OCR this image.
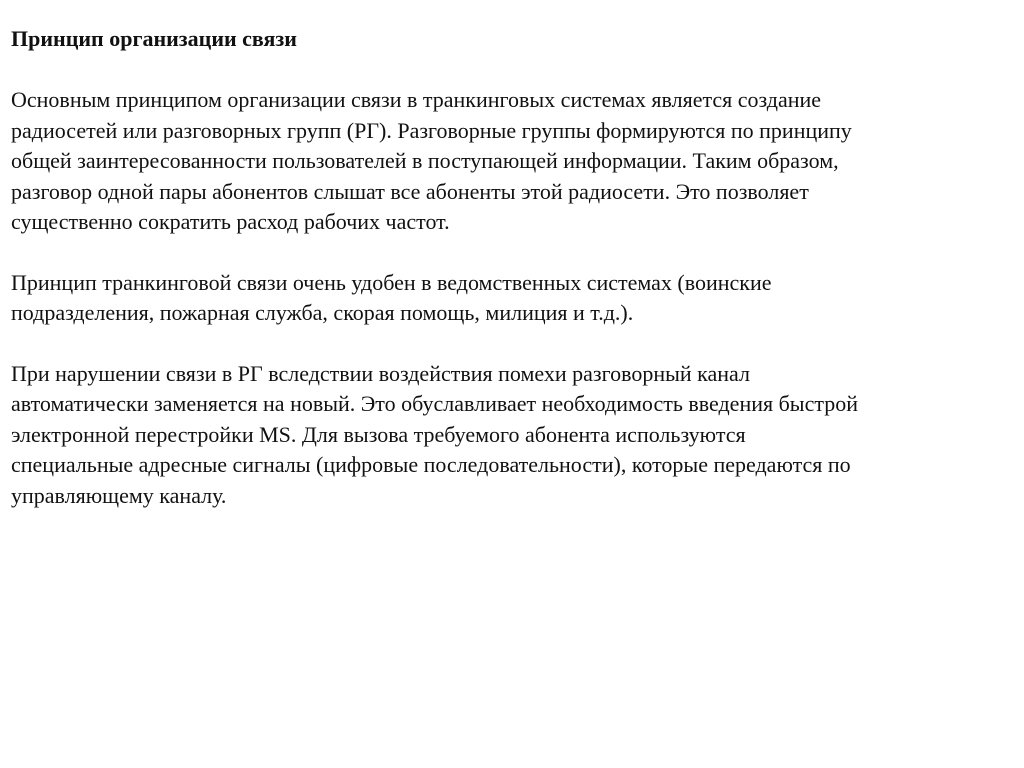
Принцип организации связи

Основным принципом организации связи в транкинговых системах является создание
радиосетей или разговорных групп (РГ). Разговорные группы формируются по принципу
общей заинтересованности пользователей в поступающей информации. Таким образом,
разговор одной пары абонентов слышат все абоненты этой радиосети. Это позволяет
существенно сократить расход рабочих частот.

Принцип транкинговой связи очень удобен в ведомственных системах (воинские
подразделения, пожарная служба, скорая помощь, милиция и т.д.).

При нарушении связи в РГ вследствии воздействия помехи разговорный канал
автоматически заменяется на новый. Это обуславливает необходимость введения быстрой
электронной перестройки MS. Для вызова требуемого абонента используются
специальные адресные сигналы (цифровые последовательности), которые передаются по
управляющему каналу.
